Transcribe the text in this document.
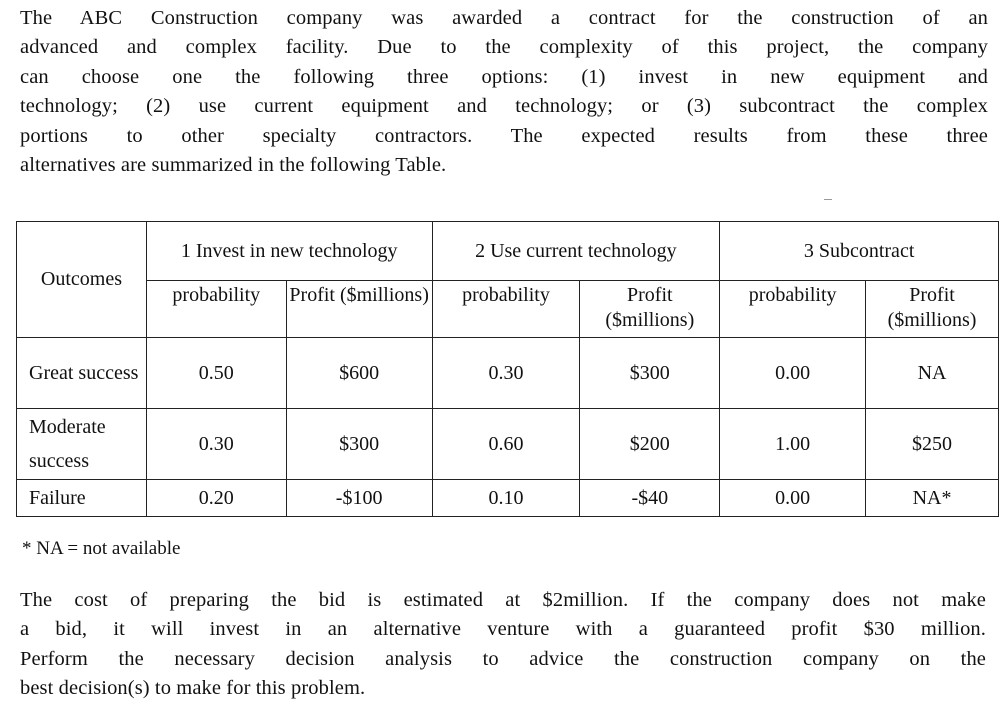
The ABC Construction company was awarded a contract for the construction of an
advanced and complex facility. Due to the complexity of this project, the company
can choose one the following three options: (1) invest in new equipment and
technology; (2) use current equipment and technology; or (3) subcontract the complex
portions to other specialty contractors. The expected results from these three
alternatives are summarized in the following Table.
Outcomes	1 Invest in new technology		2 Use current technology		3 Subcontract	
	probability	Profit ($millions)	probability	Profit ($millions)	probability	Profit ($millions)
Great success	0.50	$600	0.30	$300	0.00	NA
Moderate success	0.30	$300	0.60	$200	1.00	$250
Failure	0.20	-$100	0.10	-$40	0.00	NA*
* NA = not available
The cost of preparing the bid is estimated at $2million. If the company does not make
a bid, it will invest in an alternative venture with a guaranteed profit $30 million.
Perform the necessary decision analysis to advice the construction company on the
best decision(s) to make for this problem.
